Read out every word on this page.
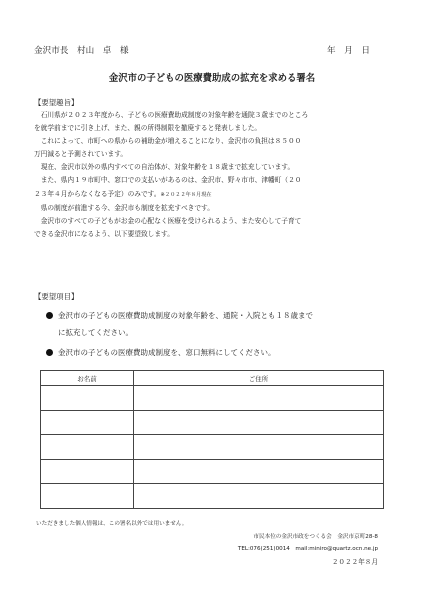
金沢市長　村山　卓　様	年　月　日
金沢市の子どもの医療費助成の拡充を求める署名
【要望趣旨】
石川県が２０２３年度から、子どもの医療費助成制度の対象年齢を通院３歳までのところ
を就学前までに引き上げ、また、親の所得制限を撤廃すると発表しました。
これによって、市町への県からの補助金が増えることになり、金沢市の負担は８５００
万円減ると予測されています。
現在、金沢市以外の県内すべての自治体が、対象年齢を１８歳まで拡充しています。
また、県内１９市町中、窓口での支払いがあるのは、金沢市、野々市市、津幡町（２０
２３年４月からなくなる予定）のみです。※２０２２年８月現在
県の制度が前進する今、金沢市も制度を拡充すべきです。
金沢市のすべての子どもがお金の心配なく医療を受けられるよう、また安心して子育て
できる金沢市になるよう、以下要望致します。
【要望項目】
金沢市の子どもの医療費助成制度の対象年齢を、通院・入院とも１８歳まで
に拡充してください。
金沢市の子どもの医療費助成制度を、窓口無料にしてください。
お名前	ご住所

いただきました個人情報は、この署名以外では用いません。
市民本位の金沢市政をつくる会　金沢市京町28-8
TEL:076(251)0014　mail:miniro@quartz.ocn.ne.jp
２０２２年８月
